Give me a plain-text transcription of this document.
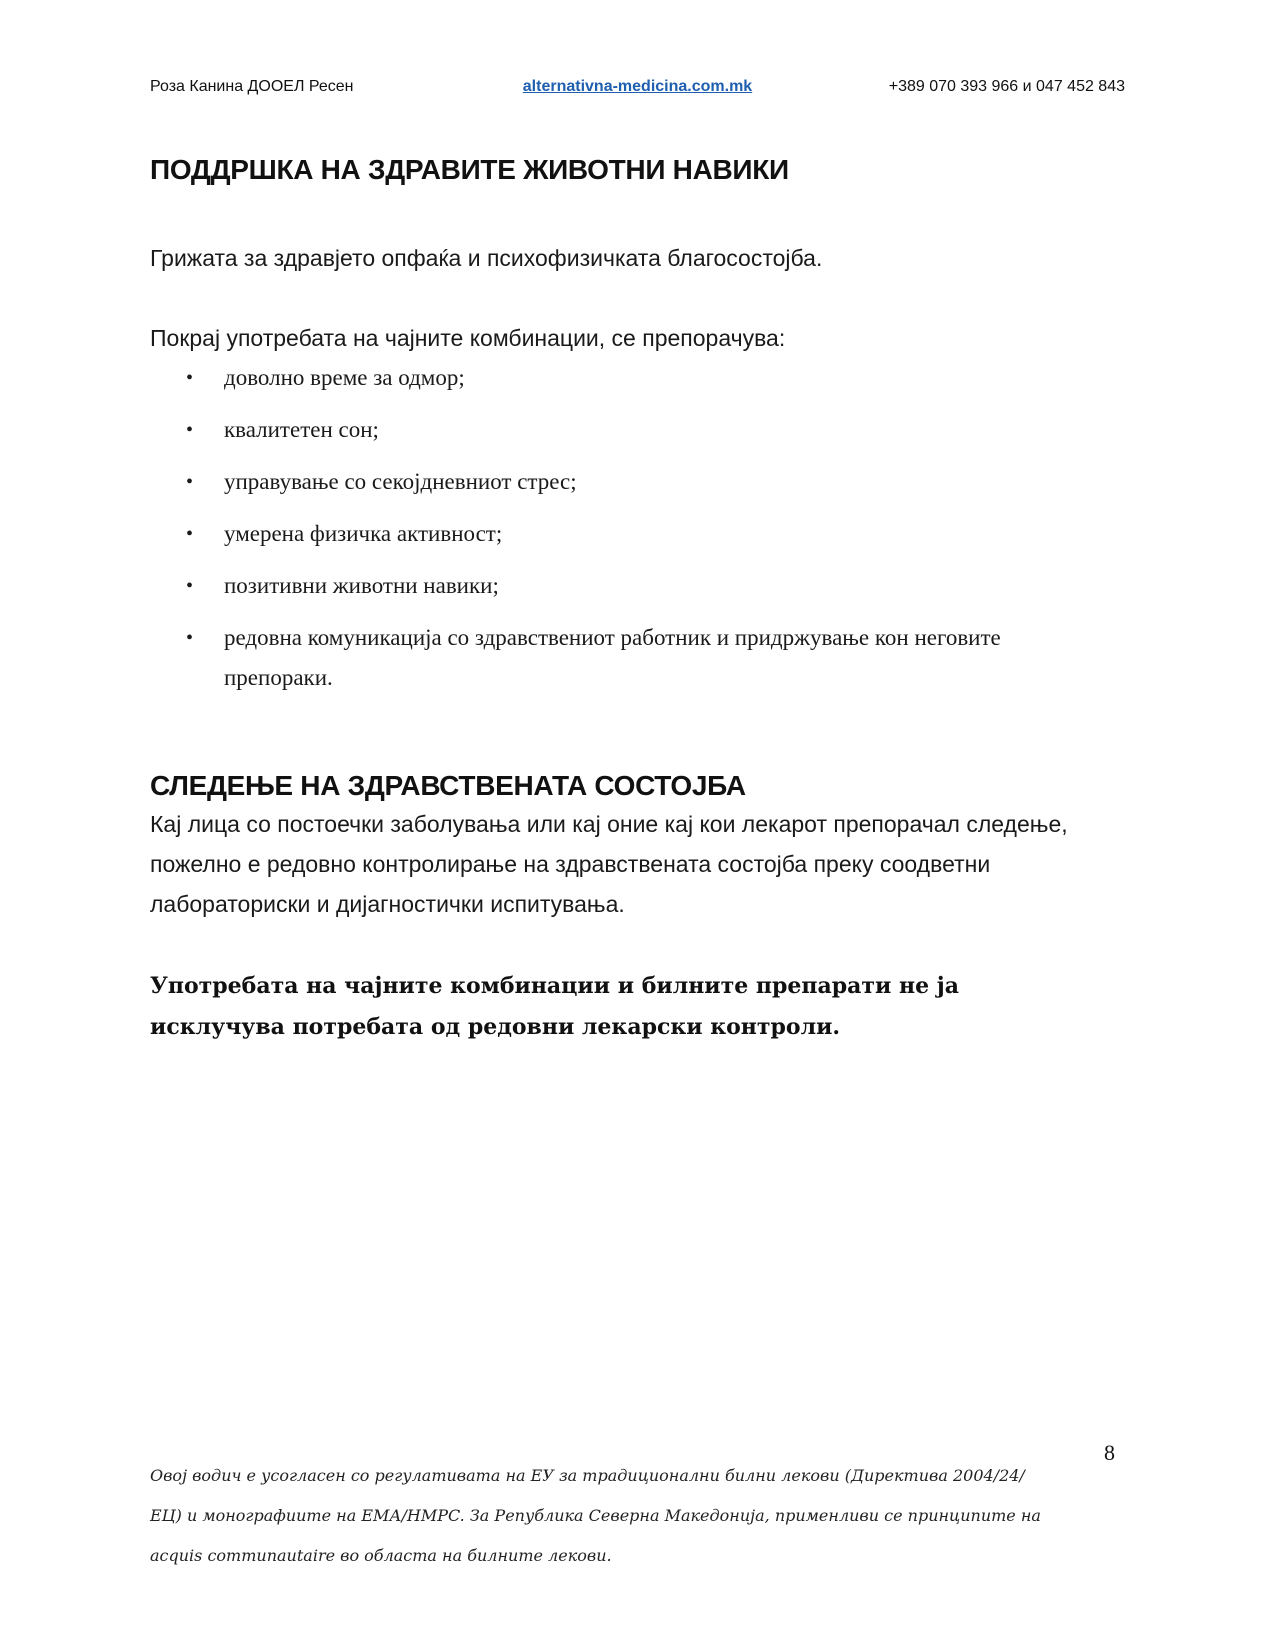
Роза Канина ДООЕЛ Ресен	alternativna-medicina.com.mk	+389 070 393 966 и 047 452 843
ПОДДРШКА НА ЗДРАВИТЕ ЖИВОТНИ НАВИКИ

Грижата за здравјето опфаќа и психофизичката благосостојба.

Покрај употребата на чајните комбинации, се препорачува:

• доволно време за одмор;
• квалитетен сон;
• управување со секојдневниот стрес;
• умерена физичка активност;
• позитивни животни навики;
• редовна комуникација со здравствениот работник и придржување кон неговите препораки.
СЛЕДЕЊЕ НА ЗДРАВСТВЕНАТА СОСТОЈБА

Кај лица со постоечки заболувања или кај оние кај кои лекарот препорачал следење, пожелно е редовно контролирање на здравствената состојба преку соодветни лабораториски и дијагностички испитувања.

Употребата на чајните комбинации и билните препарати не ја исклучува потребата од редовни лекарски контроли.

8

Овој водич е усогласен со регулативата на ЕУ за традиционални билни лекови (Директива 2004/24/ЕЦ) и монографиите на ЕМА/HMPC. За Република Северна Македонија, применливи се принципите на acquis communautaire во областа на билните лекови.
